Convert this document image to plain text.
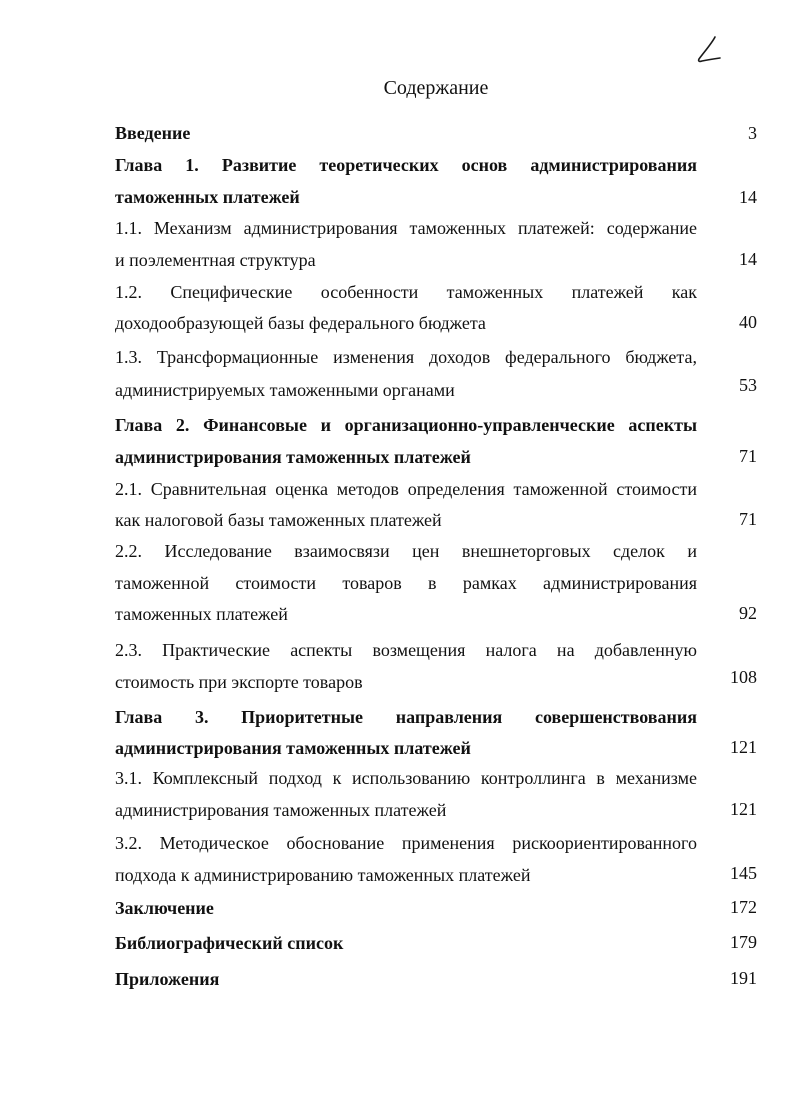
Содержание
Введение	3
Глава 1. Развитие теоретических основ администрирования
таможенных платежей	14
1.1. Механизм администрирования таможенных платежей: содержание
и поэлементная структура	14
1.2. Специфические особенности таможенных платежей как
доходообразующей базы федерального бюджета	40
1.3. Трансформационные изменения доходов федерального бюджета,
администрируемых таможенными органами	53
Глава 2. Финансовые и организационно-управленческие аспекты
администрирования таможенных платежей	71
2.1. Сравнительная оценка методов определения таможенной стоимости
как налоговой базы таможенных платежей	71
2.2. Исследование взаимосвязи цен внешнеторговых сделок и
таможенной стоимости товаров в рамках администрирования
таможенных платежей	92
2.3. Практические аспекты возмещения налога на добавленную
стоимость при экспорте товаров	108
Глава 3. Приоритетные направления совершенствования
администрирования таможенных платежей	121
3.1. Комплексный подход к использованию контроллинга в механизме
администрирования таможенных платежей	121
3.2. Методическое обоснование применения рискоориентированного
подхода к администрированию таможенных платежей	145
Заключение	172
Библиографический список	179
Приложения	191
